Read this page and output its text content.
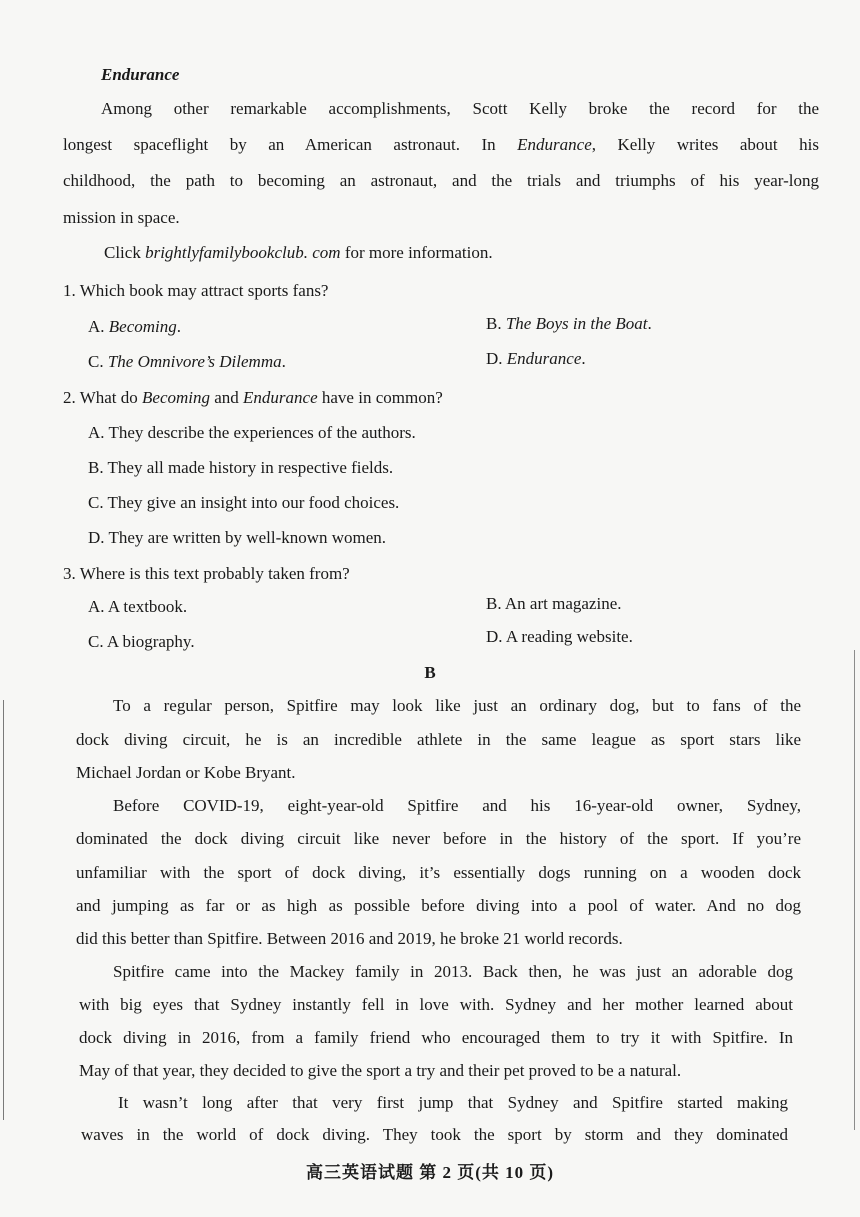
Endurance
Among other remarkable accomplishments, Scott Kelly broke the record for the
longest spaceflight by an American astronaut. In Endurance, Kelly writes about his
childhood, the path to becoming an astronaut, and the trials and triumphs of his year-long
mission in space.
Click brightlyfamilybookclub. com for more information.
1. Which book may attract sports fans?
A. Becoming.	B. The Boys in the Boat.
C. The Omnivore’s Dilemma.	D. Endurance.
2. What do Becoming and Endurance have in common?
A. They describe the experiences of the authors.
B. They all made history in respective fields.
C. They give an insight into our food choices.
D. They are written by well-known women.
3. Where is this text probably taken from?
A. A textbook.	B. An art magazine.
C. A biography.	D. A reading website.
B
To a regular person, Spitfire may look like just an ordinary dog, but to fans of the
dock diving circuit, he is an incredible athlete in the same league as sport stars like
Michael Jordan or Kobe Bryant.
Before COVID-19, eight-year-old Spitfire and his 16-year-old owner, Sydney,
dominated the dock diving circuit like never before in the history of the sport. If you’re
unfamiliar with the sport of dock diving, it’s essentially dogs running on a wooden dock
and jumping as far or as high as possible before diving into a pool of water. And no dog
did this better than Spitfire. Between 2016 and 2019, he broke 21 world records.
Spitfire came into the Mackey family in 2013. Back then, he was just an adorable dog
with big eyes that Sydney instantly fell in love with. Sydney and her mother learned about
dock diving in 2016, from a family friend who encouraged them to try it with Spitfire. In
May of that year, they decided to give the sport a try and their pet proved to be a natural.
It wasn’t long after that very first jump that Sydney and Spitfire started making
waves in the world of dock diving. They took the sport by storm and they dominated
高三英语试题 第 2 页(共 10 页)
